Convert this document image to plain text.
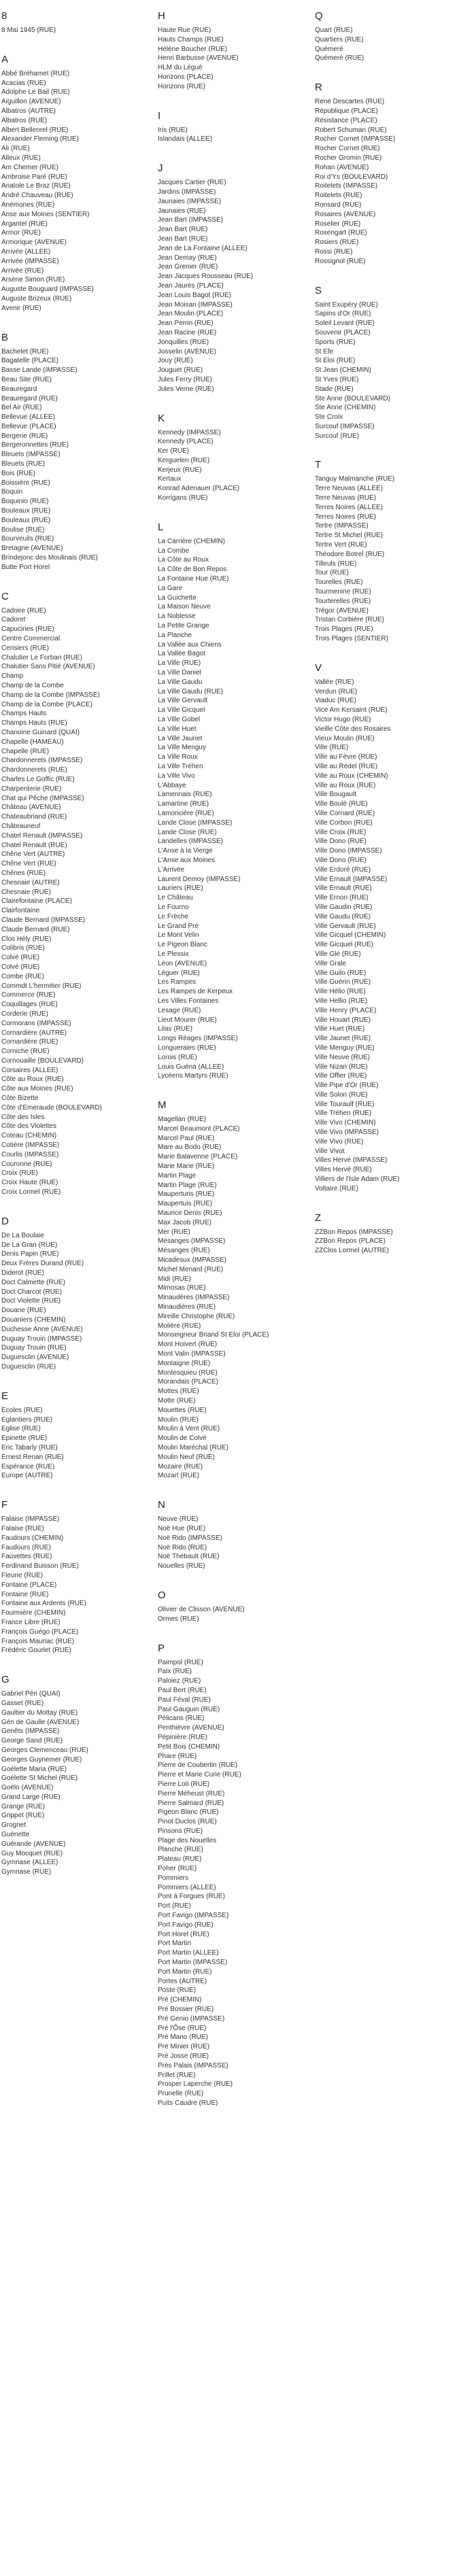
8
8 Mai 1945 (RUE)
A
Abbé Bréhamet (RUE)
Acacias (RUE)
Adolphe Le Bail (RUE)
Aiguillon (AVENUE)
Albatros (AUTRE)
Albatros (RUE)
Albert Bellenrel (RUE)
Alexander Fleming (RUE)
Ali (RUE)
Alleux (RUE)
Am Chemer (RUE)
Ambroise Paré (RUE)
Anatole Le Braz (RUE)
André Chauveau (RUE)
Anémones (RUE)
Anse aux Moines (SENTIER)
Argantel (RUE)
Armor (RUE)
Armorique (AVENUE)
Arrivée (ALLEE)
Arrivée (IMPASSE)
Arrivée (RUE)
Arsène Simon (RUE)
Auguste Bouguard (IMPASSE)
Auguste Brizeux (RUE)
Avenir (RUE)
B
Bachelet (RUE)
Bagatelle (PLACE)
Basse Lande (IMPASSE)
Beau Site (RUE)
Beauregard
Beauregard (RUE)
Bel Air (RUE)
Bellevue (ALLEE)
Bellevue (PLACE)
Bergerie (RUE)
Bergeronnettes (RUE)
Bleuets (IMPASSE)
Bleuets (RUE)
Bois (RUE)
Boissière (RUE)
Boquin
Boquinio (RUE)
Bouleaux (RUE)
Bouleaux (RUE)
Boulise (RUE)
Bourveuils (RUE)
Bretagne (AVENUE)
Brindejonc des Moulinais (RUE)
Butte Port Horel
C
Cadoire (RUE)
Cadoret
Capucines (RUE)
Centre Commercial
Cerisiers (RUE)
Chalutier Le Forban (RUE)
Chalutier Sans Pitié (AVENUE)
Champ
Champ de la Combe
Champ de la Combe (IMPASSE)
Champ de la Combe (PLACE)
Champs Hauts
Champs Hauts (RUE)
Chanoine Guinard (QUAI)
Chapelle (HAMEAU)
Chapelle (RUE)
Chardonnerets (IMPASSE)
Chardonnerets (RUE)
Charles Le Goffic (RUE)
Charpenterie (RUE)
Chat qui Pêche (IMPASSE)
Château (AVENUE)
Chateaubriand (RUE)
Châteauneuf
Chatel Renault (IMPASSE)
Chatel Renault (RUE)
Chêne Vert (AUTRE)
Chêne Vert (RUE)
Chênes (RUE)
Chesnaie (AUTRE)
Chesnaie (RUE)
Clairefontaine (PLACE)
Clairfontaine
Claude Bernard (IMPASSE)
Claude Bernard (RUE)
Clos Hély (RUE)
Colibris (RUE)
Colvé (RUE)
Colvé (RUE)
Combe (RUE)
Commdt L'hermitier (RUE)
Commerce (RUE)
Coquillages (RUE)
Corderie (RUE)
Cormorans (IMPASSE)
Cornardière (AUTRE)
Cornardière (RUE)
Corniche (RUE)
Cornouaille (BOULEVARD)
Corsaires (ALLEE)
Côte au Roux (RUE)
Côte aux Moines (RUE)
Côte Bizette
Côte d'Emeraude (BOULEVARD)
Côte des Isles
Côte des Violettes
Coteau (CHEMIN)
Cotière (IMPASSE)
Courlis (IMPASSE)
Couronne (RUE)
Croix (RUE)
Croix Haute (RUE)
Croix Lormel (RUE)
D
De La Boulaie
De La Gran (RUE)
Denis Papin (RUE)
Deux Frères Durand (RUE)
Diderot (RUE)
Doct Calmette (RUE)
Doct Charcot (RUE)
Doct Violette (RUE)
Douane (RUE)
Douaniers (CHEMIN)
Duchesse Anne (AVENUE)
Duguay Trouin (IMPASSE)
Duguay Trouin (RUE)
Duguesclin (AVENUE)
Duguesclin (RUE)
E
Ecoles (RUE)
Eglantiers (RUE)
Eglise (RUE)
Epinette (RUE)
Eric Tabarly (RUE)
Ernest Renan (RUE)
Espérance (RUE)
Europe (AUTRE)
F
Falaise (IMPASSE)
Falaise (RUE)
Faudours (CHEMIN)
Faudours (RUE)
Fauvettes (RUE)
Ferdinand Buisson (RUE)
Fleurie (RUE)
Fontaine (PLACE)
Fontaine (RUE)
Fontaine aux Ardents (RUE)
Fourmière (CHEMIN)
France Libre (RUE)
François Guégo (PLACE)
François Mauriac (RUE)
Frédéric Gourlet (RUE)
G
Gabriel Péri (QUAI)
Gasset (RUE)
Gaultier du Mottay (RUE)
Gén de Gaulle (AVENUE)
Genêts (IMPASSE)
George Sand (RUE)
Georges Clemenceau (RUE)
Georges Guynemer (RUE)
Goélette Maria (RUE)
Goélette St Michel (RUE)
Goëlo (AVENUE)
Grand Large (RUE)
Grange (RUE)
Grippet (RUE)
Grognet
Guénette
Guérande (AVENUE)
Guy Mocquet (RUE)
Gymnase (ALLEE)
Gymnase (RUE)
H
Haute Rue (RUE)
Hauts Champs (RUE)
Hélène Boucher (RUE)
Henri Barbusse (AVENUE)
HLM du Léguè
Horizons (PLACE)
Horizons (RUE)
I
Iris (RUE)
Islandais (ALLEE)
J
Jacques Cartier (RUE)
Jardins (IMPASSE)
Jaunaies (IMPASSE)
Jaunaies (RUE)
Jean Bart (IMPASSE)
Jean Bart (RUE)
Jean Bart (RUE)
Jean de La Fontaine (ALLEE)
Jean Demay (RUE)
Jean Grenier (RUE)
Jean Jacques Rousseau (RUE)
Jean Jaurès (PLACE)
Jean Louis Bagot (RUE)
Jean Moisan (IMPASSE)
Jean Moulin (PLACE)
Jean Perrin (RUE)
Jean Racine (RUE)
Jonquilles (RUE)
Josselin (AVENUE)
Jouy (RUE)
Jouguet (RUE)
Jules Ferry (RUE)
Jules Verne (RUE)
K
Kennedy (IMPASSE)
Kennedy (PLACE)
Ker (RUE)
Kerguelen (RUE)
Kerjeux (RUE)
Kertaux
Konrad Adenauer (PLACE)
Korrigans (RUE)
L
La Carrière (CHEMIN)
La Combe
La Côte au Roux
La Côte de Bon Repos
La Fontaine Hue (RUE)
La Gare
La Guichette
La Maison Neuve
La Noblesse
La Petite Grange
La Planche
La Vallée aux Chiens
La Vallée Bagot
La Ville (RUE)
La Ville Daniel
La Ville Gaudu
La Ville Gaudu (RUE)
La Ville Gervault
La Ville Gicquel
La Ville Gobel
La Ville Huet
La Ville Jaunet
La Ville Menguy
La Ville Roux
La Ville Tréhen
La Ville Vivo
L'Abbaye
Lamennais (RUE)
Lamartine (RUE)
Lamoricière (RUE)
Lande Close (IMPASSE)
Lande Close (RUE)
Landelles (IMPASSE)
L'Anse à la Vierge
L'Anse aux Moines
L'Arrivée
Laurent Demoy (IMPASSE)
Lauriers (RUE)
Le Château
Le Fourno
Le Frèche
Le Grand Pré
Le Mont Velin
Le Pigeon Blanc
Le Plessix
Léon (AVENUE)
Léguer (RUE)
Les Rampes
Les Rampes de Kerpeux
Les Villes Fontaines
Lesage (RUE)
Lieut Mourer (RUE)
Lilas (RUE)
Longs Réages (IMPASSE)
Longueraies (RUE)
Lorois (RUE)
Louis Guéna (ALLEE)
Lycéens Martyrs (RUE)
M
Magellan (RUE)
Marcel Beaumont (PLACE)
Marcel Paul (RUE)
Mare au Bodo (RUE)
Marie Balavenne (PLACE)
Marie Marie (RUE)
Martin Plage
Martin Plage (RUE)
Mauperturis (RUE)
Maupertuis (RUE)
Maurice Denis (RUE)
Max Jacob (RUE)
Mer (RUE)
Mésanges (IMPASSE)
Mésanges (RUE)
Micadesux (IMPASSE)
Michel Menard (RUE)
Midi (RUE)
Mimosas (RUE)
Minaudères (IMPASSE)
Minaudières (RUE)
Mireille Christophe (RUE)
Molière (RUE)
Monseigneur Briand St Eloi (PLACE)
Mont Hoivert (RUE)
Mont Valin (IMPASSE)
Montaigne (RUE)
Montesquieu (RUE)
Morandais (PLACE)
Mottes (RUE)
Motte (RUE)
Mouettes (RUE)
Moulin (RUE)
Moulin à Vent (RUE)
Moulin de Colvé
Moulin Maréchal (RUE)
Moulin Neuf (RUE)
Mozaire (RUE)
Mozart (RUE)
N
Neuve (RUE)
Noë Hue (RUE)
Noë Rido (IMPASSE)
Noë Rido (RUE)
Noë Thébault (RUE)
Nouelles (RUE)
O
Olivier de Clisson (AVENUE)
Ormes (RUE)
P
Paimpol (RUE)
Paix (RUE)
Paloiez (RUE)
Paul Bert (RUE)
Paul Féval (RUE)
Paul Gauguin (RUE)
Pélicans (RUE)
Penthièvre (AVENUE)
Pépinière (RUE)
Petit Bois (CHEMIN)
Phare (RUE)
Pierre de Coubertin (RUE)
Pierre et Marie Curie (RUE)
Pierre Loti (RUE)
Pierre Méheust (RUE)
Pierre Salmard (RUE)
Pigeon Blanc (RUE)
Pinot Duclos (RUE)
Pinsons (RUE)
Plage des Nouelles
Planche (RUE)
Plateau (RUE)
Poher (RUE)
Pommiers
Pommiers (ALLEE)
Pont à Forgues (RUE)
Port (RUE)
Port Favigo (IMPASSE)
Port Favigo (RUE)
Port Horel (RUE)
Port Martin
Port Martin (ALLEE)
Port Martin (IMPASSE)
Port Martin (RUE)
Portes (AUTRE)
Poste (RUE)
Pré (CHEMIN)
Pré Bossier (RUE)
Pré Genio (IMPASSE)
Pré l'Ôse (RUE)
Pré Mano (RUE)
Pré Minier (RUE)
Pré Josse (RUE)
Près Palais (IMPASSE)
Prillet (RUE)
Prosper Laperche (RUE)
Prunelle (RUE)
Puits Caudre (RUE)
Q
Quart (RUE)
Quartiers (RUE)
Quémeré
Quémeré (RUE)
R
René Descartes (RUE)
République (PLACE)
Résistance (PLACE)
Robert Schuman (RUE)
Rocher Cornet (IMPASSE)
Rocher Cornet (RUE)
Rocher Gromin (RUE)
Rohan (AVENUE)
Roi d'Ys (BOULEVARD)
Roitelets (IMPASSE)
Roitelets (RUE)
Ronsard (RUE)
Rosaires (AVENUE)
Roselier (RUE)
Rosengart (RUE)
Rosiers (RUE)
Rossi (RUE)
Rossignol (RUE)
S
Saint Exupéry (RUE)
Sapins d'Or (RUE)
Soleil Levant (RUE)
Souvenir (PLACE)
Sports (RUE)
St Efe
St Eloi (RUE)
St Jean (CHEMIN)
St Yves (RUE)
Stade (RUE)
Ste Anne (BOULEVARD)
Ste Anne (CHEMIN)
Ste Croix
Surcouf (IMPASSE)
Surcouf (RUE)
T
Tanguy Malmanche (RUE)
Terre Neuvas (ALLEE)
Terre Neuvas (RUE)
Terres Noires (ALLEE)
Terres Noires (RUE)
Tertre (IMPASSE)
Tertre St Michel (RUE)
Tertre Vert (RUE)
Théodore Botrel (RUE)
Tilleuls (RUE)
Tour (RUE)
Tourelles (RUE)
Tourmenine (RUE)
Tourterelles (RUE)
Trégor (AVENUE)
Tristan Corbière (RUE)
Trois Plages (RUE)
Trois Plages (SENTIER)
V
Vallée (RUE)
Verdun (RUE)
Viaduc (RUE)
Vice Am Kersaint (RUE)
Victor Hugo (RUE)
Vieille Côte des Rosaires
Vieux Moulin (RUE)
Ville (RUE)
Ville au Fèvre (RUE)
Ville au Rédel (RUE)
Ville au Roux (CHEMIN)
Ville au Roux (RUE)
Ville Bougault
Ville Boulé (RUE)
Ville Cornard (RUE)
Ville Corbon (RUE)
Ville Croix (RUE)
Ville Dono (RUE)
Ville Dono (IMPASSE)
Ville Dono (RUE)
Ville Erdoré (RUE)
Ville Ernault (IMPASSE)
Ville Ernault (RUE)
Ville Ernon (RUE)
Ville Gaudin (RUE)
Ville Gaudu (RUE)
Ville Gervault (RUE)
Ville Gicquel (CHEMIN)
Ville Gicquel (RUE)
Ville Glé (RUE)
Ville Grale
Ville Guilo (RUE)
Ville Guérin (RUE)
Ville Hélio (RUE)
Ville Hellio (RUE)
Ville Henry (PLACE)
Ville Houart (RUE)
Ville Huet (RUE)
Ville Jaunet (RUE)
Ville Menguy (RUE)
Ville Neuve (RUE)
Ville Nizan (RUE)
Ville Offier (RUE)
Ville Pipe d'Or (RUE)
Ville Solon (RUE)
Ville Touraulf (RUE)
Ville Tréhen (RUE)
Ville Vivo (CHEMIN)
Ville Vivo (IMPASSE)
Ville Vivo (RUE)
Ville Vivot
Villes Hervé (IMPASSE)
Villes Hervé (RUE)
Villiers de l'Isle Adam (RUE)
Voltaire (RUE)
Z
ZZBon Repos (IMPASSE)
ZZBon Repos (PLACE)
ZZClos Lormel (AUTRE)
